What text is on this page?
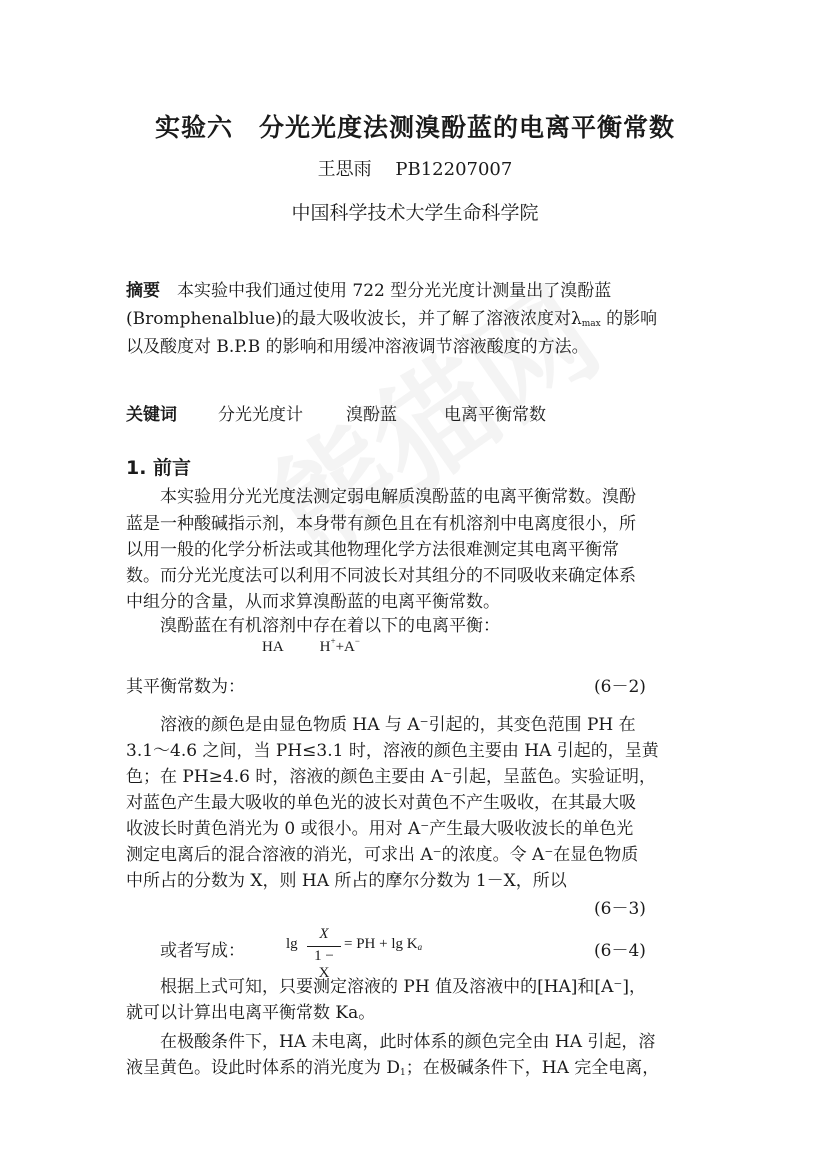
实验六　分光光度法测溴酚蓝的电离平衡常数
王思雨　 PB12207007
中国科学技术大学生命科学院
摘要　本实验中我们通过使用 722 型分光光度计测量出了溴酚蓝
(Bromphenalblue)的最大吸收波长，并了解了溶液浓度对$\lambda_{max}$ 的影响
以及酸度对 B.P.B 的影响和用缓冲溶液调节溶液酸度的方法。
关键词 分光光度计	溴酚蓝	电离平衡常数
1. 前言
　　本实验用分光光度法测定弱电解质溴酚蓝的电离平衡常数。溴酚
蓝是一种酸碱指示剂，本身带有颜色且在有机溶剂中电离度很小，所
以用一般的化学分析法或其他物理化学方法很难测定其电离平衡常
数。而分光光度法可以利用不同波长对其组分的不同吸收来确定体系
中组分的含量，从而求算溴酚蓝的电离平衡常数。
　　溴酚蓝在有机溶剂中存在着以下的电离平衡：
HA H++A−
其平衡常数为：	(6－2)
　　溶液的颜色是由显色物质 HA 与 A⁻引起的，其变色范围 PH 在
3.1～4.6 之间，当 PH≤3.1 时，溶液的颜色主要由 HA 引起的，呈黄
色；在 PH≥4.6 时，溶液的颜色主要由 A⁻引起，呈蓝色。实验证明，
对蓝色产生最大吸收的单色光的波长对黄色不产生吸收，在其最大吸
收波长时黄色消光为 0 或很小。用对 A⁻产生最大吸收波长的单色光
测定电离后的混合溶液的消光，可求出 A⁻的浓度。令 A⁻在显色物质
中所占的分数为 X，则 HA 所占的摩尔分数为 1－X，所以
(6－3)
　　或者写成：	lg
X
1 − X
= PH + $\lg K_a$	(6－4)
　　根据上式可知，只要测定溶液的 PH 值及溶液中的[HA]和[A⁻]，
就可以计算出电离平衡常数 Ka。
　　在极酸条件下，HA 未电离，此时体系的颜色完全由 HA 引起，溶
液呈黄色。设此时体系的消光度为 $D_1$；在极碱条件下，HA 完全电离，
